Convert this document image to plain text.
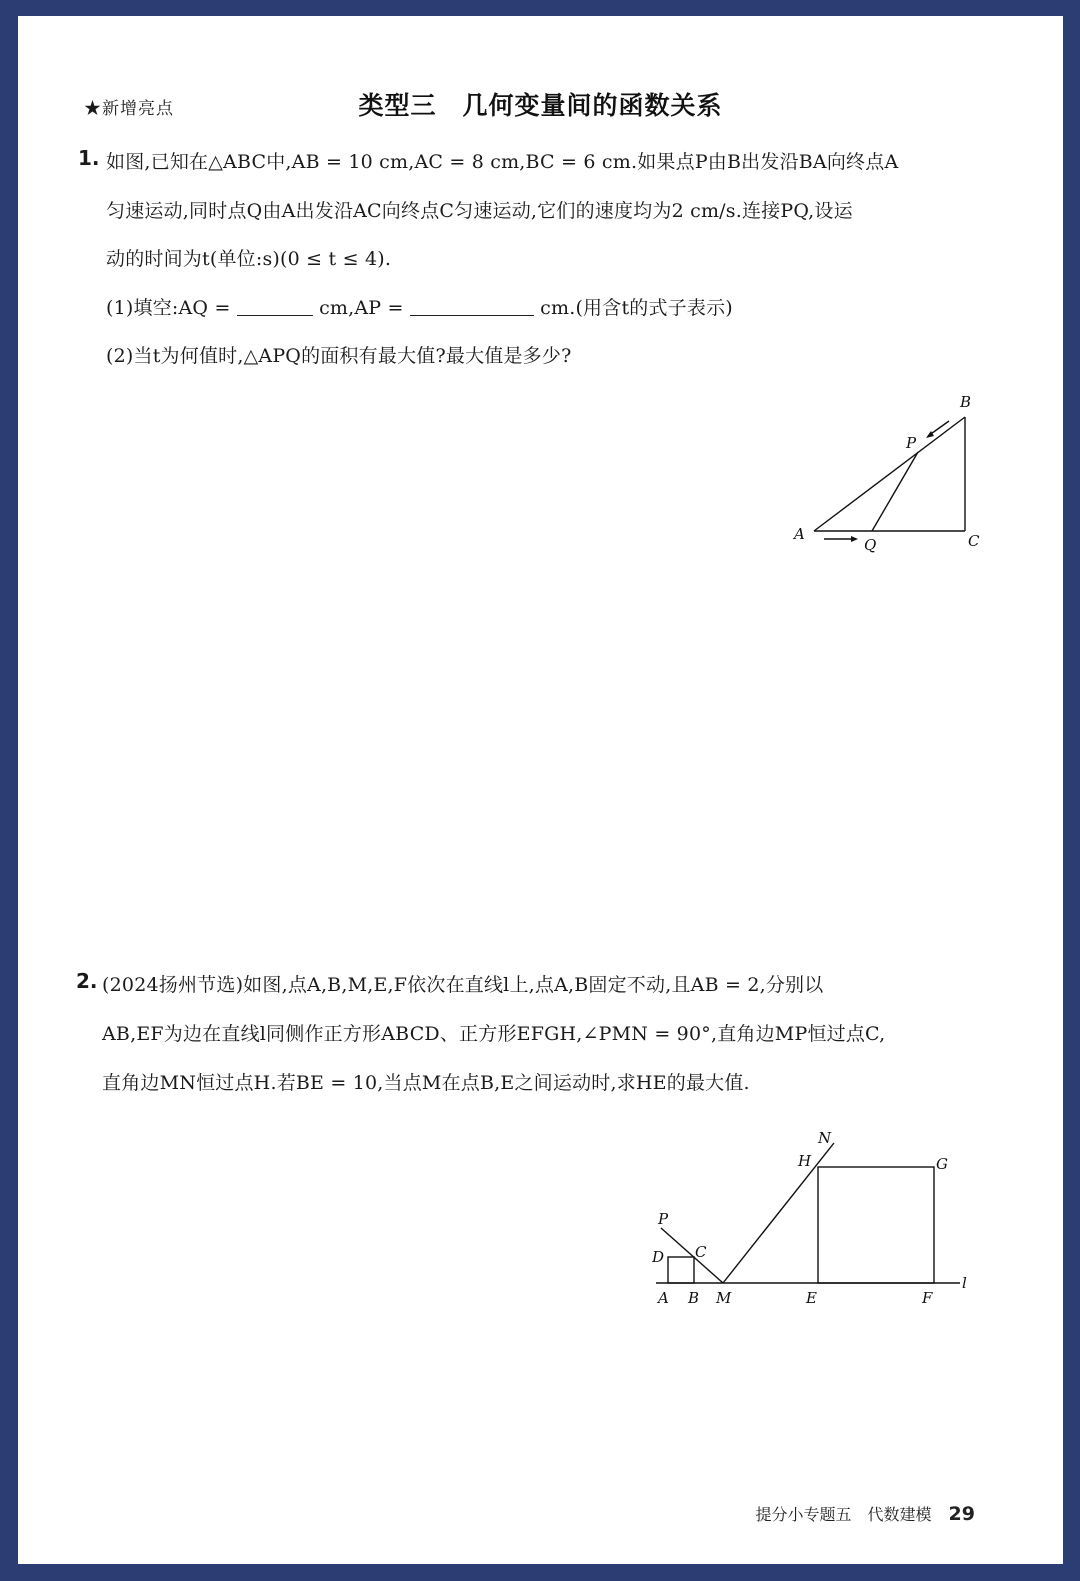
★新增亮点	类型三　几何变量间的函数关系
1. 如图,已知在△ABC中,AB = 10 cm,AC = 8 cm,BC = 6 cm.如果点P由B出发沿BA向终点A
匀速运动,同时点Q由A出发沿AC向终点C匀速运动,它们的速度均为2 cm/s.连接PQ,设运
动的时间为t(单位:s)(0 ≤ t ≤ 4).
(1)填空:AQ =	cm,AP =	cm.(用含t的式子表示)
(2)当t为何值时,△APQ的面积有最大值?最大值是多少?
A
B
C
P
Q
2. (2024扬州节选)如图,点A,B,M,E,F依次在直线l上,点A,B固定不动,且AB = 2,分别以
AB,EF为边在直线l同侧作正方形ABCD、正方形EFGH,∠PMN = 90°,直角边MP恒过点C,
直角边MN恒过点H.若BE = 10,当点M在点B,E之间运动时,求HE的最大值.
P
D C
A B M	E	F
G
H
N
l
提分小专题五　代数建模 29
